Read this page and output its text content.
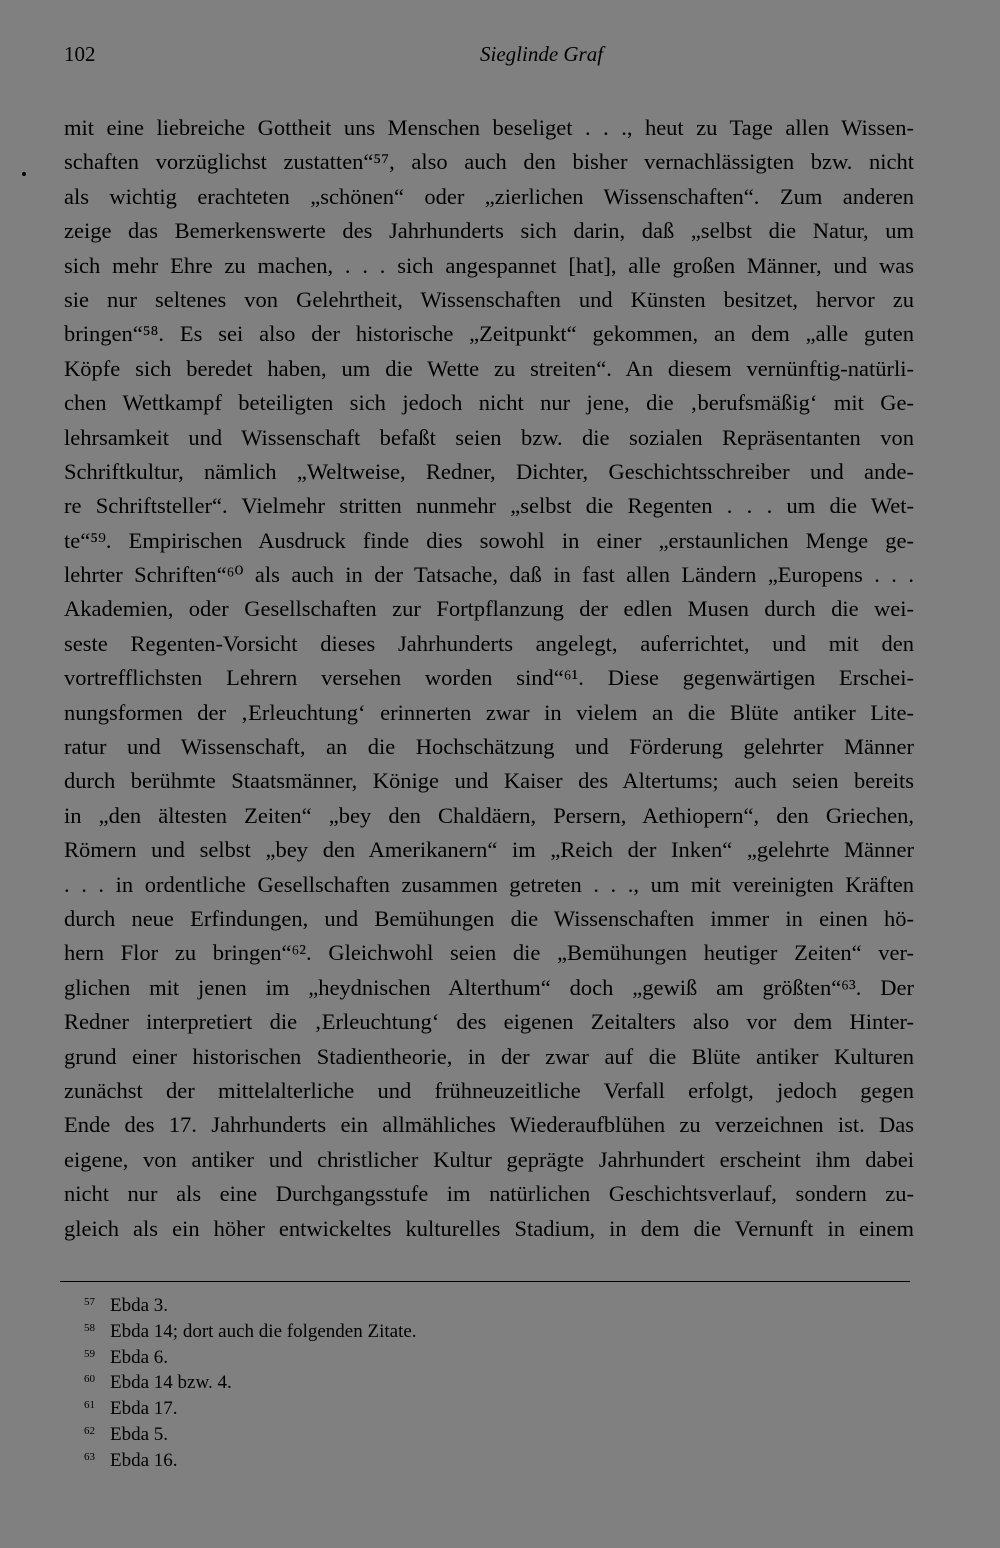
102	Sieglinde Graf
mit eine liebreiche Gottheit uns Menschen beseliget . . ., heut zu Tage allen Wissen-
schaften vorzüglichst zustatten“⁵⁷, also auch den bisher vernachlässigten bzw. nicht
als wichtig erachteten „schönen“ oder „zierlichen Wissenschaften“. Zum anderen
zeige das Bemerkenswerte des Jahrhunderts sich darin, daß „selbst die Natur, um
sich mehr Ehre zu machen, . . . sich angespannet [hat], alle großen Männer, und was
sie nur seltenes von Gelehrtheit, Wissenschaften und Künsten besitzet, hervor zu
bringen“⁵⁸. Es sei also der historische „Zeitpunkt“ gekommen, an dem „alle guten
Köpfe sich beredet haben, um die Wette zu streiten“. An diesem vernünftig-natürli-
chen Wettkampf beteiligten sich jedoch nicht nur jene, die ‚berufsmäßig‘ mit Ge-
lehrsamkeit und Wissenschaft befaßt seien bzw. die sozialen Repräsentanten von
Schriftkultur, nämlich „Weltweise, Redner, Dichter, Geschichtsschreiber und ande-
re Schriftsteller“. Vielmehr stritten nunmehr „selbst die Regenten . . . um die Wet-
te“⁵⁹. Empirischen Ausdruck finde dies sowohl in einer „erstaunlichen Menge ge-
lehrter Schriften“⁶⁰ als auch in der Tatsache, daß in fast allen Ländern „Europens . . .
Akademien, oder Gesellschaften zur Fortpflanzung der edlen Musen durch die wei-
seste Regenten-Vorsicht dieses Jahrhunderts angelegt, auferrichtet, und mit den
vortrefflichsten Lehrern versehen worden sind“⁶¹. Diese gegenwärtigen Erschei-
nungsformen der ‚Erleuchtung‘ erinnerten zwar in vielem an die Blüte antiker Lite-
ratur und Wissenschaft, an die Hochschätzung und Förderung gelehrter Männer
durch berühmte Staatsmänner, Könige und Kaiser des Altertums; auch seien bereits
in „den ältesten Zeiten“ „bey den Chaldäern, Persern, Aethiopern“, den Griechen,
Römern und selbst „bey den Amerikanern“ im „Reich der Inken“ „gelehrte Männer
. . . in ordentliche Gesellschaften zusammen getreten . . ., um mit vereinigten Kräften
durch neue Erfindungen, und Bemühungen die Wissenschaften immer in einen hö-
hern Flor zu bringen“⁶². Gleichwohl seien die „Bemühungen heutiger Zeiten“ ver-
glichen mit jenen im „heydnischen Alterthum“ doch „gewiß am größten“⁶³. Der
Redner interpretiert die ‚Erleuchtung‘ des eigenen Zeitalters also vor dem Hinter-
grund einer historischen Stadientheorie, in der zwar auf die Blüte antiker Kulturen
zunächst der mittelalterliche und frühneuzeitliche Verfall erfolgt, jedoch gegen
Ende des 17. Jahrhunderts ein allmähliches Wiederaufblühen zu verzeichnen ist. Das
eigene, von antiker und christlicher Kultur geprägte Jahrhundert erscheint ihm dabei
nicht nur als eine Durchgangsstufe im natürlichen Geschichtsverlauf, sondern zu-
gleich als ein höher entwickeltes kulturelles Stadium, in dem die Vernunft in einem
57 Ebda 3.
58 Ebda 14; dort auch die folgenden Zitate.
59 Ebda 6.
60 Ebda 14 bzw. 4.
61 Ebda 17.
62 Ebda 5.
63 Ebda 16.
